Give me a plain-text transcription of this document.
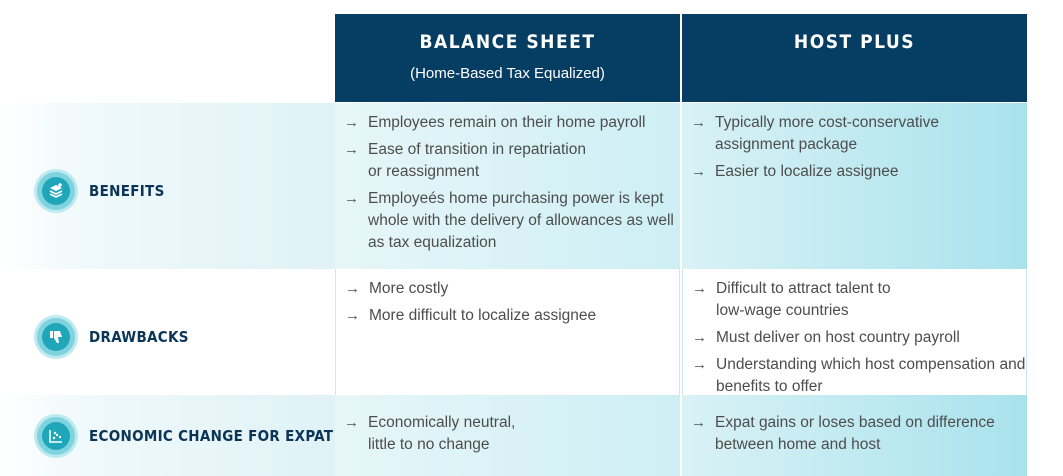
BALANCE SHEET
(Home-Based Tax Equalized)
HOST PLUS
BENEFITS
→ Employees remain on their home payroll
→ Ease of transition in repatriation or reassignment
→ Employeés home purchasing power is kept whole with the delivery of allowances as well as tax equalization
→ Typically more cost-conservative assignment package
→ Easier to localize assignee
DRAWBACKS
→ More costly
→ More difficult to localize assignee
→ Difficult to attract talent to low-wage countries
→ Must deliver on host country payroll
→ Understanding which host compensation and benefits to offer
ECONOMIC CHANGE FOR EXPAT
→ Economically neutral, little to no change
→ Expat gains or loses based on difference between home and host
